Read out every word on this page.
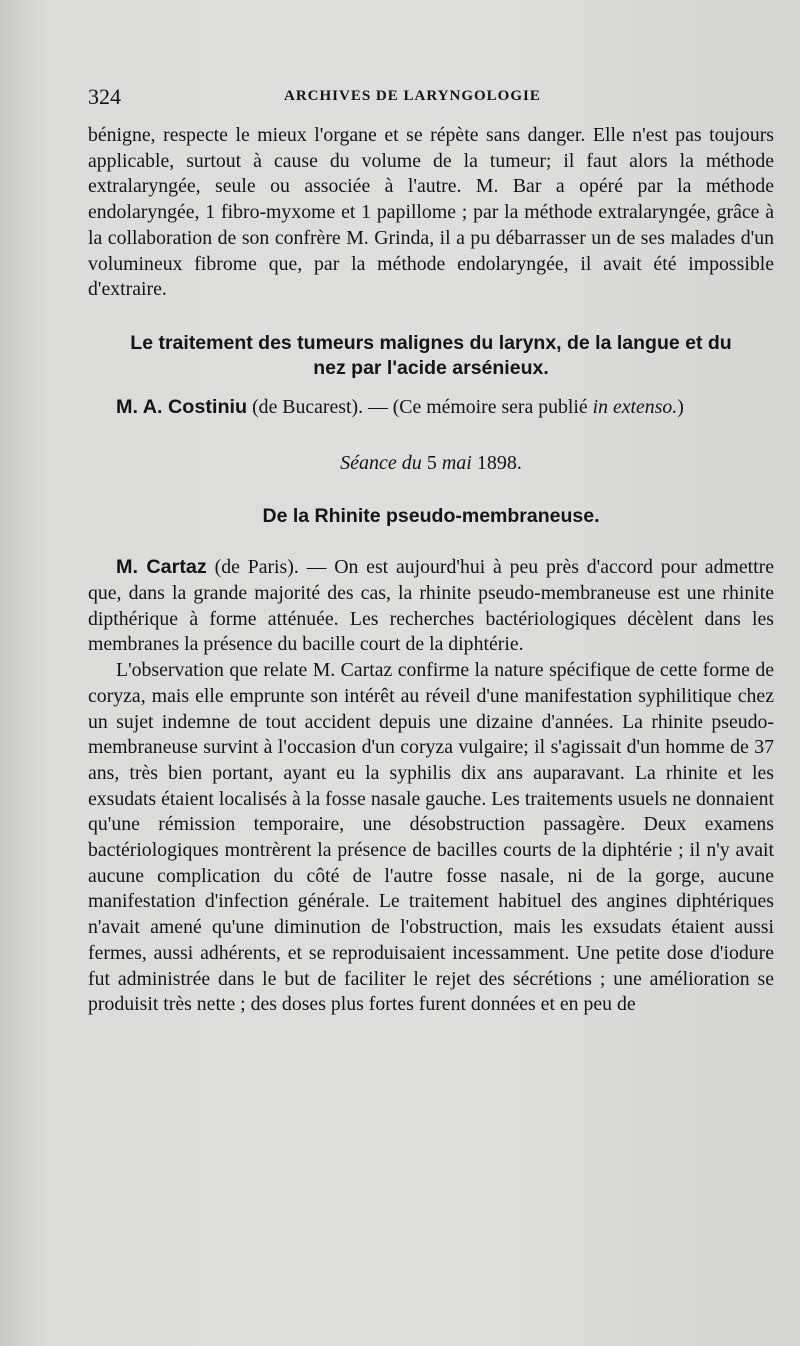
324	ARCHIVES DE LARYNGOLOGIE

bénigne, respecte le mieux l'organe et se répète sans danger. Elle n'est pas toujours applicable, surtout à cause du volume de la tumeur; il faut alors la méthode extralaryngée, seule ou associée à l'autre. M. Bar a opéré par la méthode endolaryngée, 1 fibro-myxome et 1 papillome ; par la méthode extralaryngée, grâce à la collaboration de son confrère M. Grinda, il a pu débarrasser un de ses malades d'un volumineux fibrome que, par la méthode endolaryngée, il avait été impossible d'extraire.

Le traitement des tumeurs malignes du larynx, de la langue et du nez par l'acide arsénieux.

M. A. Costiniu (de Bucarest). — (Ce mémoire sera publié in extenso.)

Séance du 5 mai 1898.

De la Rhinite pseudo-membraneuse.

M. Cartaz (de Paris). — On est aujourd'hui à peu près d'accord pour admettre que, dans la grande majorité des cas, la rhinite pseudo-membraneuse est une rhinite dipthérique à forme atténuée. Les recherches bactériologiques décèlent dans les membranes la présence du bacille court de la diphtérie.

L'observation que relate M. Cartaz confirme la nature spécifique de cette forme de coryza, mais elle emprunte son intérêt au réveil d'une manifestation syphilitique chez un sujet indemne de tout accident depuis une dizaine d'années. La rhinite pseudo-membraneuse survint à l'occasion d'un coryza vulgaire; il s'agissait d'un homme de 37 ans, très bien portant, ayant eu la syphilis dix ans auparavant. La rhinite et les exsudats étaient localisés à la fosse nasale gauche. Les traitements usuels ne donnaient qu'une rémission temporaire, une désobstruction passagère. Deux examens bactériologiques montrèrent la présence de bacilles courts de la diphtérie ; il n'y avait aucune complication du côté de l'autre fosse nasale, ni de la gorge, aucune manifestation d'infection générale. Le traitement habituel des angines diphtériques n'avait amené qu'une diminution de l'obstruction, mais les exsudats étaient aussi fermes, aussi adhérents, et se reproduisaient incessamment. Une petite dose d'iodure fut administrée dans le but de faciliter le rejet des sécrétions ; une amélioration se produisit très nette ; des doses plus fortes furent données et en peu de
